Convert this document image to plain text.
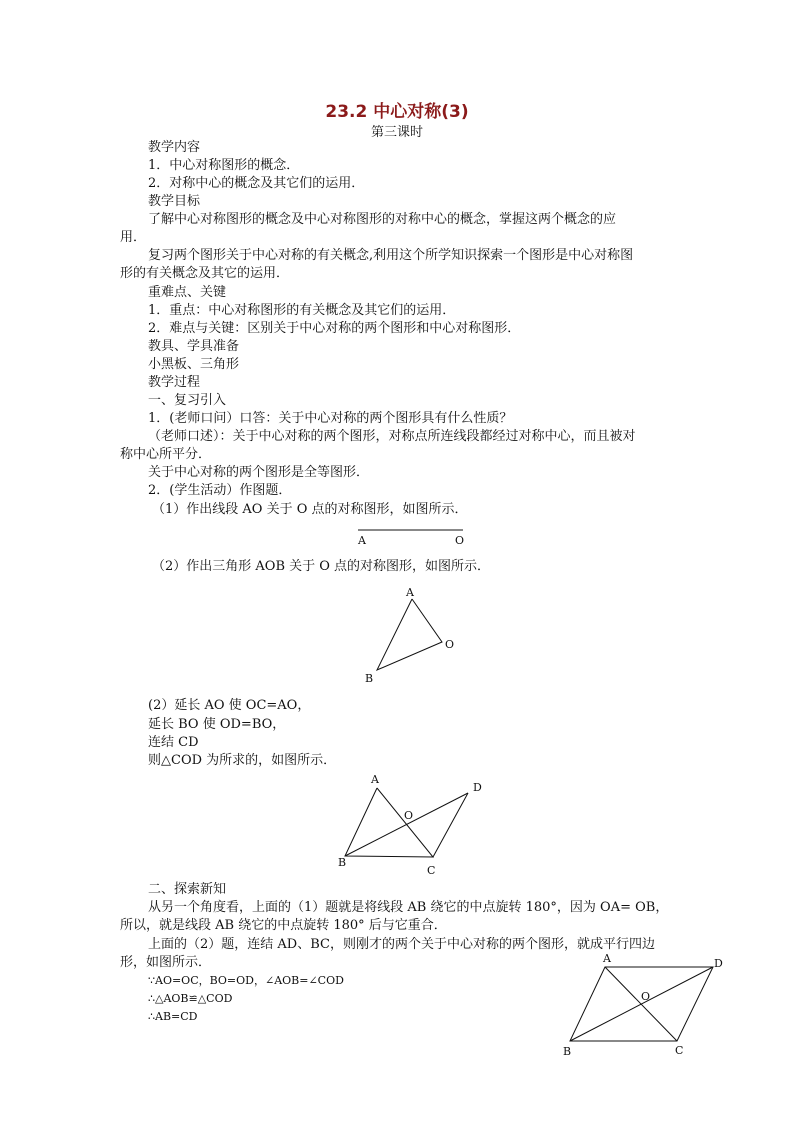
23.2 中心对称(3)
第三课时
教学内容
1．中心对称图形的概念．
2．对称中心的概念及其它们的运用．
教学目标
了解中心对称图形的概念及中心对称图形的对称中心的概念，掌握这两个概念的应
用．
复习两个图形关于中心对称的有关概念,利用这个所学知识探索一个图形是中心对称图
形的有关概念及其它的运用．
重难点、关键
1．重点：中心对称图形的有关概念及其它们的运用．
2．难点与关键：区别关于中心对称的两个图形和中心对称图形．
教具、学具准备
小黑板、三角形
教学过程
一、复习引入
1．(老师口问）口答：关于中心对称的两个图形具有什么性质？
（老师口述）：关于中心对称的两个图形，对称点所连线段都经过对称中心，而且被对
称中心所平分．
关于中心对称的两个图形是全等图形．
2．(学生活动）作图题．
（1）作出线段 AO 关于 O 点的对称图形，如图所示．
A	O
（2）作出三角形 AOB 关于 O 点的对称图形，如图所示．
A
O
B
(2）延长 AO 使 OC=AO，
延长 BO 使 OD=BO，
连结 CD
则△COD 为所求的，如图所示．
A
D
O
B
C
二、探索新知
从另一个角度看，上面的（1）题就是将线段 AB 绕它的中点旋转 180°，因为 OA= OB，
所以，就是线段 AB 绕它的中点旋转 180° 后与它重合．
上面的（2）题，连结 AD、BC，则刚才的两个关于中心对称的两个图形，就成平行四边
形，如图所示．
∵AO=OC，BO=OD，∠AOB=∠COD
∴△AOB≌△COD
∴AB=CD
A	D
O
B	C
